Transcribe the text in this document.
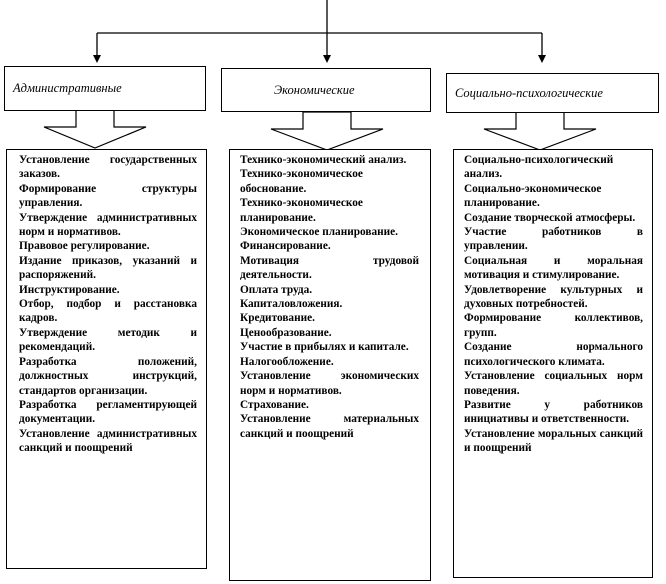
Административные	Экономические	Социально-психологические
Установление государственных заказов.
Формирование структуры управления.
Утверждение административных норм и нормативов.
Правовое регулирование.
Издание приказов, указаний и распоряжений.
Инструктирование.
Отбор, подбор и расстановка кадров.
Утверждение методик и рекомендаций.
Разработка положений, должностных инструкций, стандартов организации.
Разработка регламентирующей документации.
Установление административных санкций и поощрений
Технико-экономический анализ.
Технико-экономическое обоснование.
Технико-экономическое планирование.
Экономическое планирование.
Финансирование.
Мотивация трудовой деятельности.
Оплата труда.
Капиталовложения.
Кредитование.
Ценообразование.
Участие в прибылях и капитале.
Налогообложение.
Установление экономических норм и нормативов.
Страхование.
Установление материальных санкций и поощрений
Социально-психологический анализ.
Социально-экономическое планирование.
Создание творческой атмосферы.
Участие работников в управлении.
Социальная и моральная мотивация и стимулирование.
Удовлетворение культурных и духовных потребностей.
Формирование коллективов, групп.
Создание нормального психологического климата.
Установление социальных норм поведения.
Развитие у работников инициативы и ответственности.
Установление моральных санкций и поощрений
